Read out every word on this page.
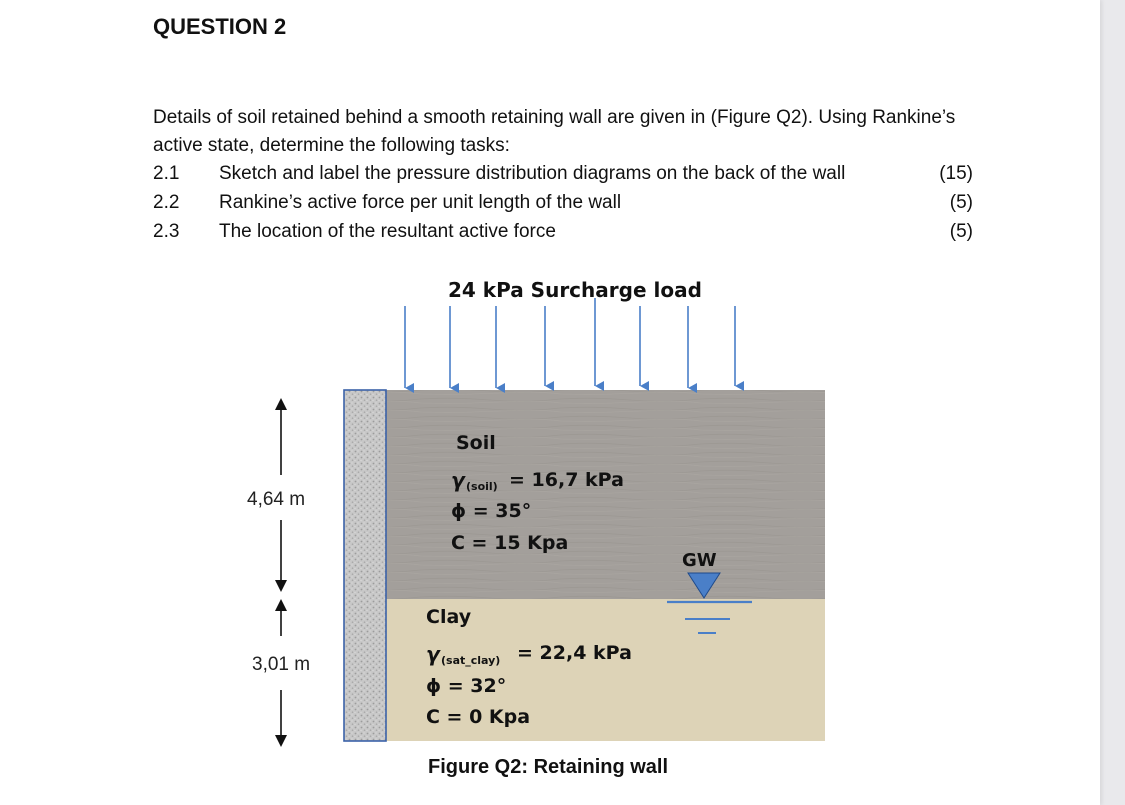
QUESTION 2
Details of soil retained behind a smooth retaining wall are given in (Figure Q2). Using Rankine’s active state, determine the following tasks:
2.1 Sketch and label the pressure distribution diagrams on the back of the wall	(15)
2.2 Rankine’s active force per unit length of the wall	(5)
2.3 The location of the resultant active force	(5)
24 kPa Surcharge load
Soil
γ (soil) = 16,7 kPa
ϕ = 35°
C = 15 Kpa
GW
Clay
γ (sat_clay) = 22,4 kPa
ϕ = 32°
C = 0 Kpa
4,64 m
3,01 m
Figure Q2: Retaining wall
